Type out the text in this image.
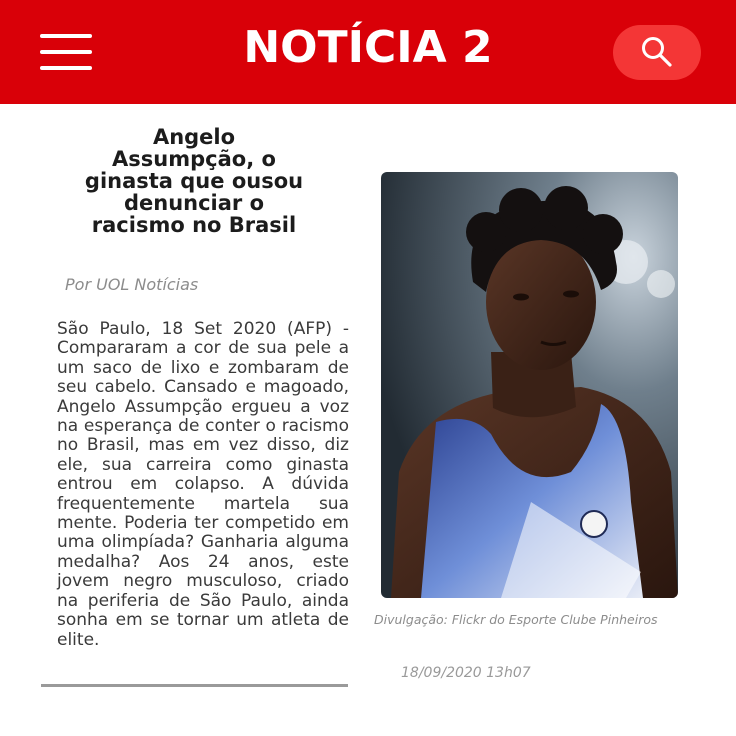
NOTÍCIA 2
Angelo Assumpção, o ginasta que ousou denunciar o racismo no Brasil
Por UOL Notícias
São Paulo, 18 Set 2020 (AFP) - Compararam a cor de sua pele a um saco de lixo e zombaram de seu cabelo. Cansado e magoado, Angelo Assumpção ergueu a voz na esperança de conter o racismo no Brasil, mas em vez disso, diz ele, sua carreira como ginasta entrou em colapso. A dúvida frequentemente martela sua mente. Poderia ter competido em uma olimpíada? Ganharia alguma medalha? Aos 24 anos, este jovem negro musculoso, criado na periferia de São Paulo, ainda sonha em se tornar um atleta de elite.
Divulgação: Flickr do Esporte Clube Pinheiros
18/09/2020 13h07
